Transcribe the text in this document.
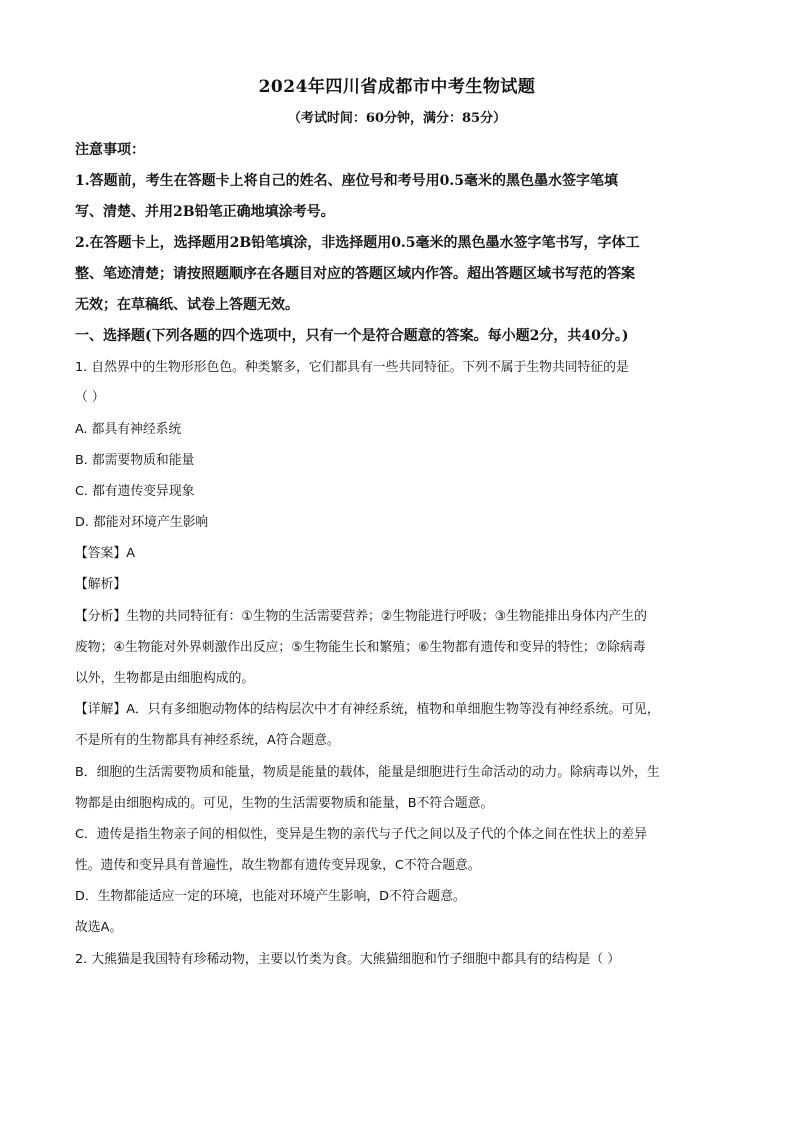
2024年四川省成都市中考生物试题
（考试时间：60分钟，满分：85分）
注意事项：
1.答题前，考生在答题卡上将自己的姓名、座位号和考号用0.5毫米的黑色墨水签字笔填
写、清楚、并用2B铅笔正确地填涂考号。
2.在答题卡上，选择题用2B铅笔填涂，非选择题用0.5毫米的黑色墨水签字笔书写，字体工
整、笔迹清楚；请按照题顺序在各题目对应的答题区域内作答。超出答题区域书写范的答案
无效；在草稿纸、试卷上答题无效。
一、选择题(下列各题的四个选项中，只有一个是符合题意的答案。每小题2分，共40分。)
1. 自然界中的生物形形色色。种类繁多，它们都具有一些共同特征。下列不属于生物共同特征的是
（ ）
A. 都具有神经系统
B. 都需要物质和能量
C. 都有遗传变异现象
D. 都能对环境产生影响
【答案】A
【解析】
【分析】生物的共同特征有：①生物的生活需要营养；②生物能进行呼吸；③生物能排出身体内产生的
废物；④生物能对外界刺激作出反应；⑤生物能生长和繁殖；⑥生物都有遗传和变异的特性；⑦除病毒
以外，生物都是由细胞构成的。
【详解】A．只有多细胞动物体的结构层次中才有神经系统，植物和单细胞生物等没有神经系统。可见，
不是所有的生物都具有神经系统，A符合题意。
B．细胞的生活需要物质和能量，物质是能量的载体，能量是细胞进行生命活动的动力。除病毒以外，生
物都是由细胞构成的。可见，生物的生活需要物质和能量，B不符合题意。
C．遗传是指生物亲子间的相似性，变异是生物的亲代与子代之间以及子代的个体之间在性状上的差异
性。遗传和变异具有普遍性，故生物都有遗传变异现象，C不符合题意。
D．生物都能适应一定的环境，也能对环境产生影响，D不符合题意。
故选A。
2. 大熊猫是我国特有珍稀动物，主要以竹类为食。大熊猫细胞和竹子细胞中都具有的结构是（ ）
